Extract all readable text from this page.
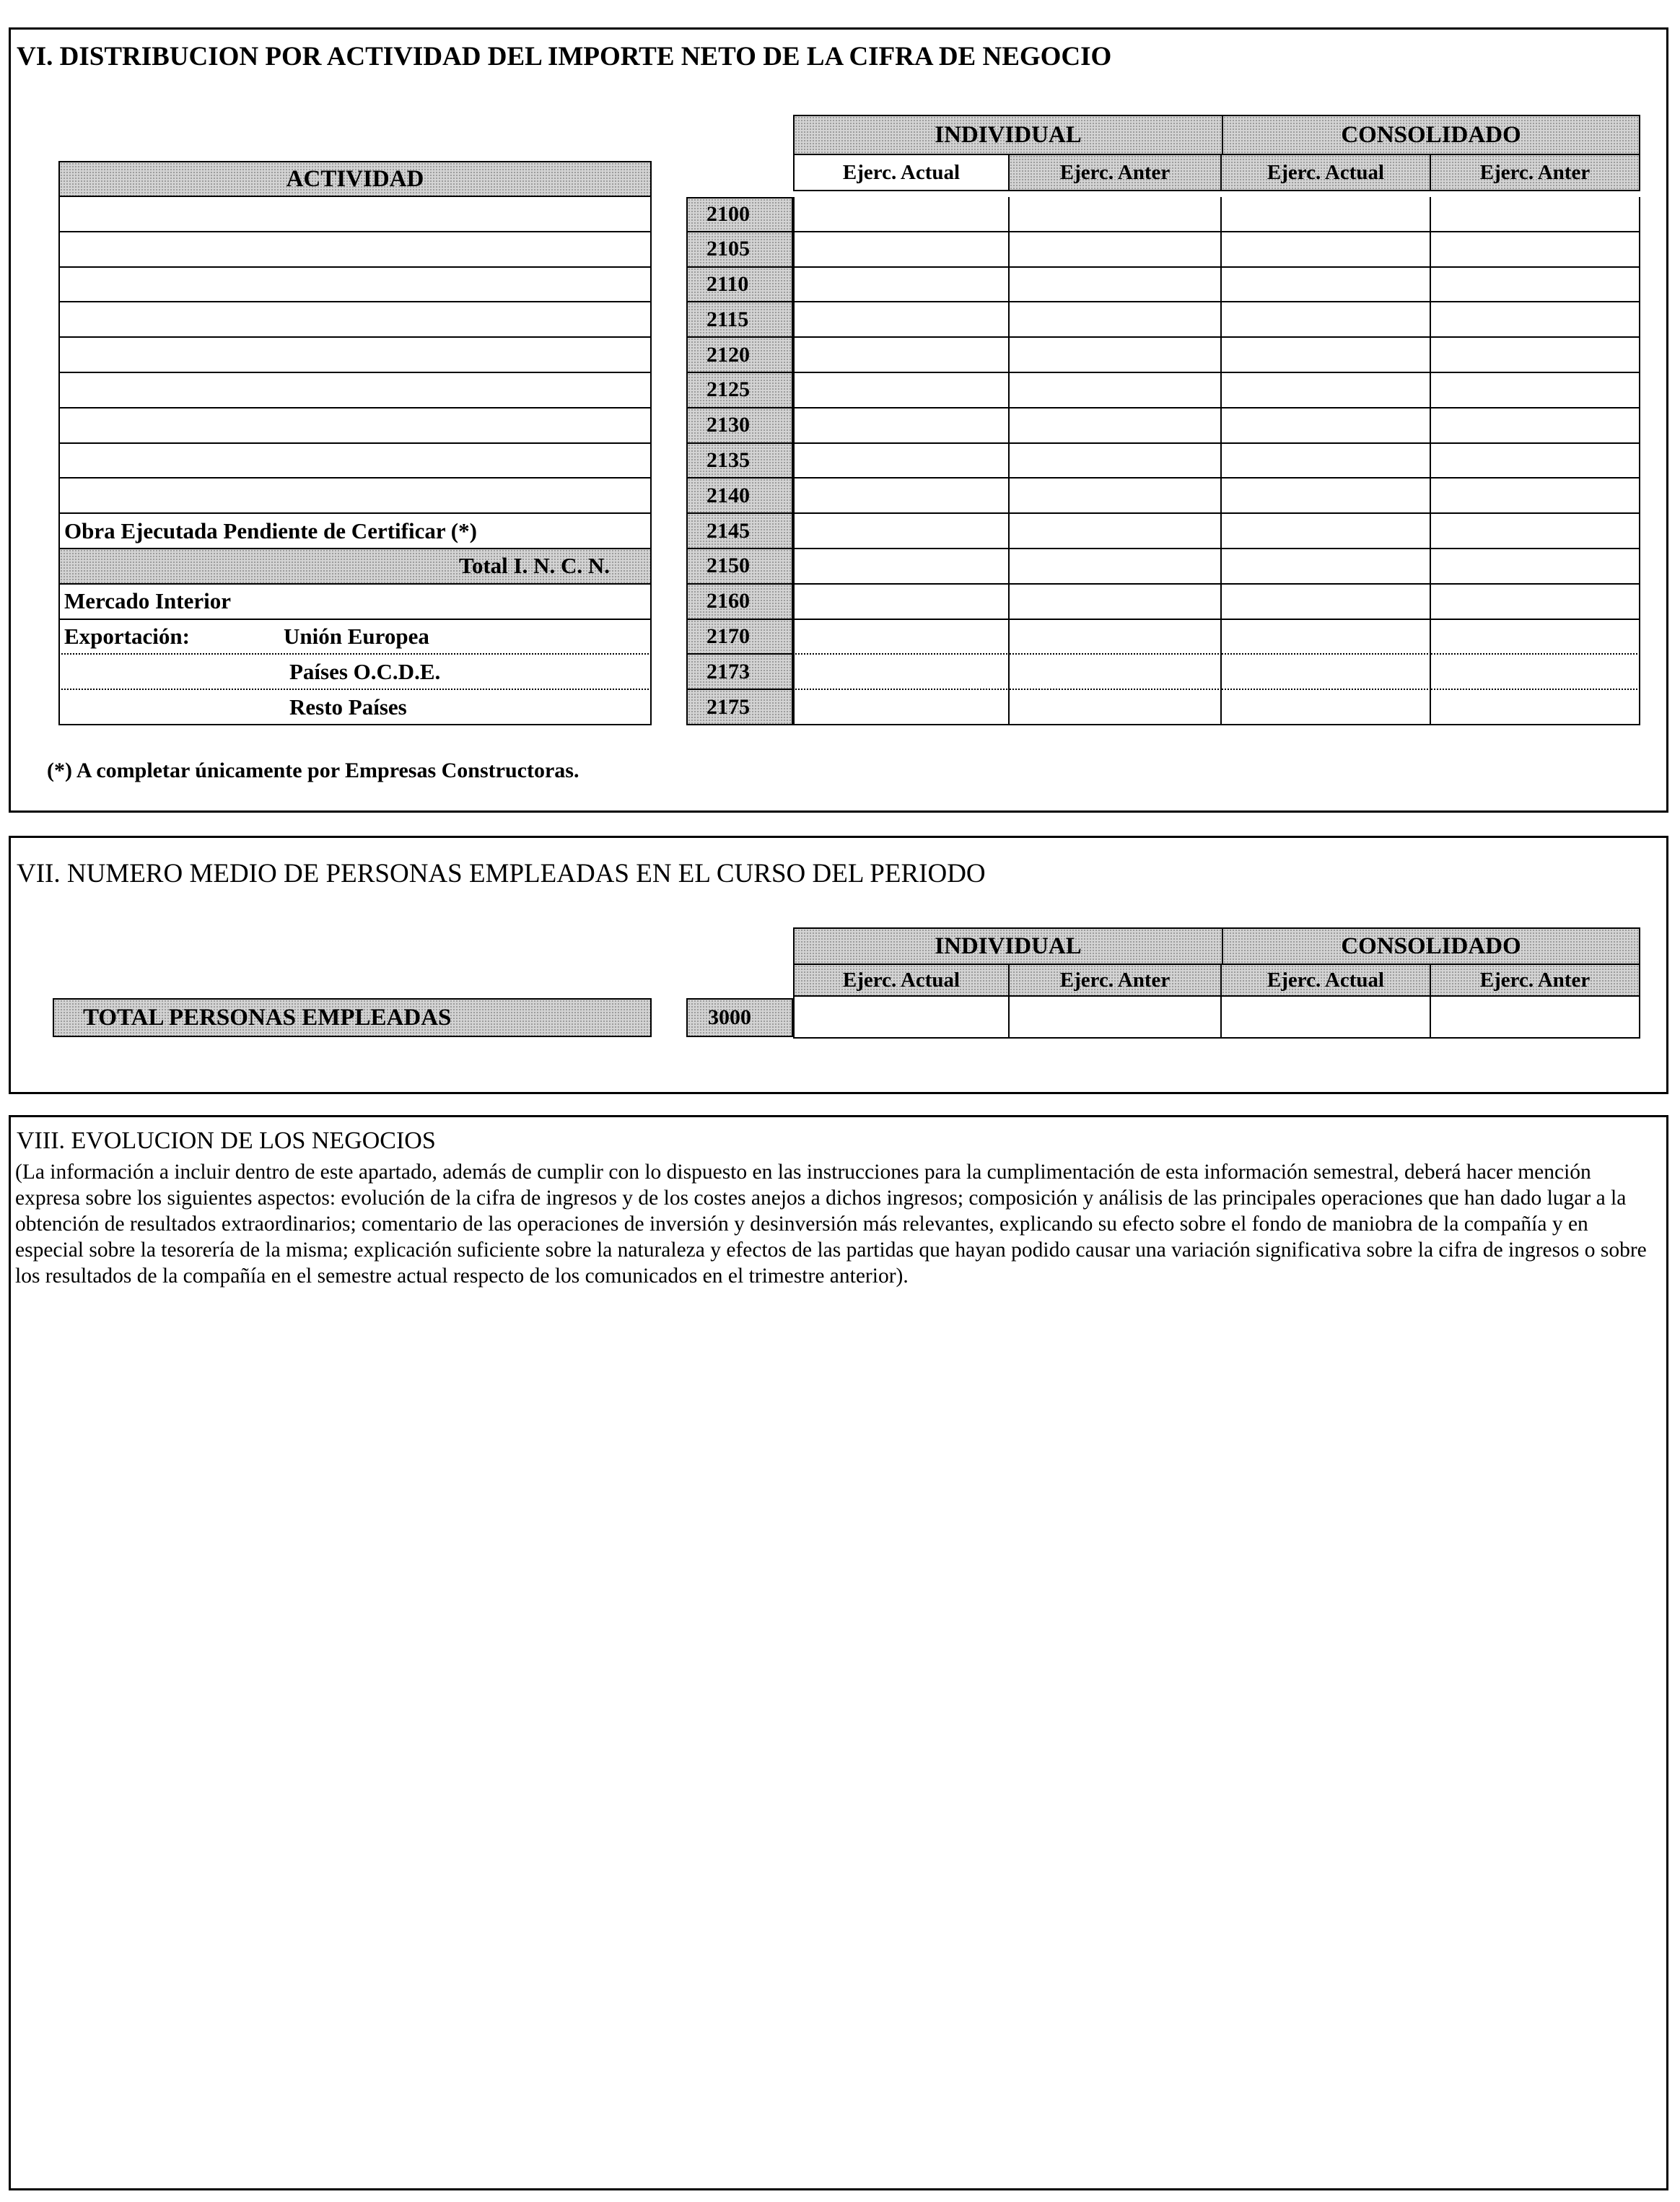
VI. DISTRIBUCION POR ACTIVIDAD DEL IMPORTE NETO DE LA CIFRA DE NEGOCIO
INDIVIDUAL	CONSOLIDADO
Ejerc. Actual	Ejerc. Anter	Ejerc. Actual	Ejerc. Anter
ACTIVIDAD
2100
2105
2110
2115
2120
2125
2130
2135
2140
Obra Ejecutada Pendiente de Certificar (*)	2145
Total I. N. C. N.	2150
Mercado Interior	2160
Exportación:	Unión Europea	2170
Países O.C.D.E.	2173
Resto Países	2175
(*) A completar únicamente por Empresas Constructoras.
VII. NUMERO MEDIO DE PERSONAS EMPLEADAS EN EL CURSO DEL PERIODO
INDIVIDUAL	CONSOLIDADO
Ejerc. Actual	Ejerc. Anter	Ejerc. Actual	Ejerc. Anter
TOTAL PERSONAS EMPLEADAS	3000
VIII. EVOLUCION DE LOS NEGOCIOS
(La información a incluir dentro de este apartado, además de cumplir con lo dispuesto en las instrucciones para la cumplimentación de esta información semestral, deberá hacer mención expresa sobre los siguientes aspectos: evolución de la cifra de ingresos y de los costes anejos a dichos ingresos; composición y análisis de las principales operaciones que han dado lugar a la obtención de resultados extraordinarios; comentario de las operaciones de inversión y desinversión más relevantes, explicando su efecto sobre el fondo de maniobra de la compañía y en especial sobre la tesorería de la misma; explicación suficiente sobre la naturaleza y efectos de las partidas que hayan podido causar una variación significativa sobre la cifra de ingresos o sobre los resultados de la compañía en el semestre actual respecto de los comunicados en el trimestre anterior).
